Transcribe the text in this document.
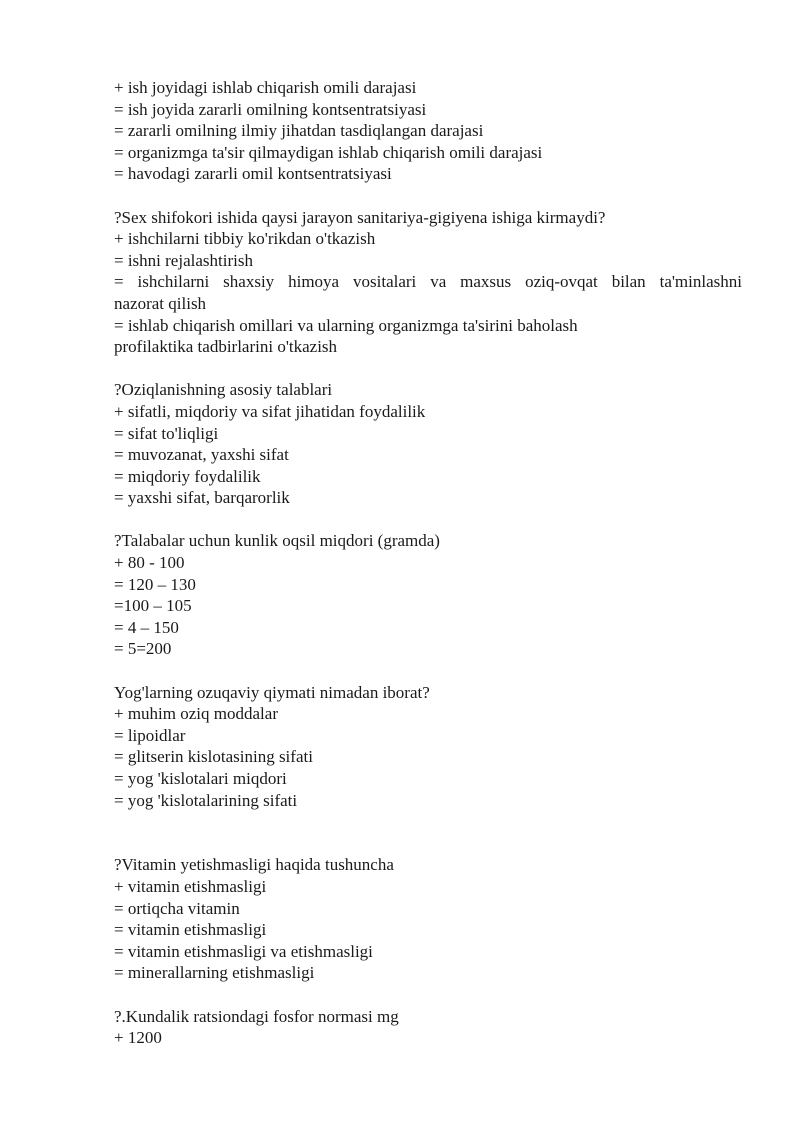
+ ish joyidagi ishlab chiqarish omili darajasi
= ish joyida zararli omilning kontsentratsiyasi
= zararli omilning ilmiy jihatdan tasdiqlangan darajasi
= organizmga ta'sir qilmaydigan ishlab chiqarish omili darajasi
= havodagi zararli omil kontsentratsiyasi
?Sex shifokori ishida qaysi jarayon sanitariya-gigiyena ishiga kirmaydi?
+ ishchilarni tibbiy ko'rikdan o'tkazish
= ishni rejalashtirish
= ishchilarni shaxsiy himoya vositalari va maxsus oziq-ovqat bilan ta'minlashni
nazorat qilish
= ishlab chiqarish omillari va ularning organizmga ta'sirini baholash
profilaktika tadbirlarini o'tkazish
?Oziqlanishning asosiy talablari
+ sifatli, miqdoriy va sifat jihatidan foydalilik
= sifat to'liqligi
= muvozanat, yaxshi sifat
= miqdoriy foydalilik
= yaxshi sifat, barqarorlik
?Talabalar uchun kunlik oqsil miqdori (gramda)
+ 80 - 100
= 120 – 130
=100 – 105
= 4 – 150
= 5=200
Yog'larning ozuqaviy qiymati nimadan iborat?
+ muhim oziq moddalar
= lipoidlar
= glitserin kislotasining sifati
= yog 'kislotalari miqdori
= yog 'kislotalarining sifati
?Vitamin yetishmasligi haqida tushuncha
+ vitamin etishmasligi
= ortiqcha vitamin
= vitamin etishmasligi
= vitamin etishmasligi va etishmasligi
= minerallarning etishmasligi
?.Kundalik ratsiondagi fosfor normasi mg
+ 1200
